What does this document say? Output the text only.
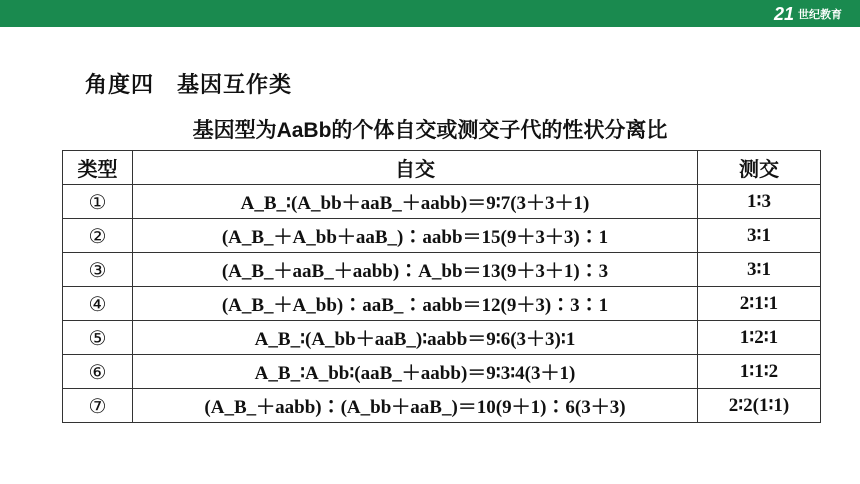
21 世纪教育
角度四　基因互作类
基因型为AaBb的个体自交或测交子代的性状分离比
类型	自交	测交
①	A_B_∶(A_bb＋aaB_＋aabb)＝9∶7(3＋3＋1)	1∶3
②	(A_B_＋A_bb＋aaB_)∶aabb＝15(9＋3＋3)∶1	3∶1
③	(A_B_＋aaB_＋aabb)∶A_bb＝13(9＋3＋1)∶3	3∶1
④	(A_B_＋A_bb)∶aaB_∶aabb＝12(9＋3)∶3∶1	2∶1∶1
⑤	A_B_∶(A_bb＋aaB_)∶aabb＝9∶6(3＋3)∶1	1∶2∶1
⑥	A_B_∶A_bb∶(aaB_＋aabb)＝9∶3∶4(3＋1)	1∶1∶2
⑦	(A_B_＋aabb)∶(A_bb＋aaB_)＝10(9＋1)∶6(3＋3)	2∶2(1∶1)
